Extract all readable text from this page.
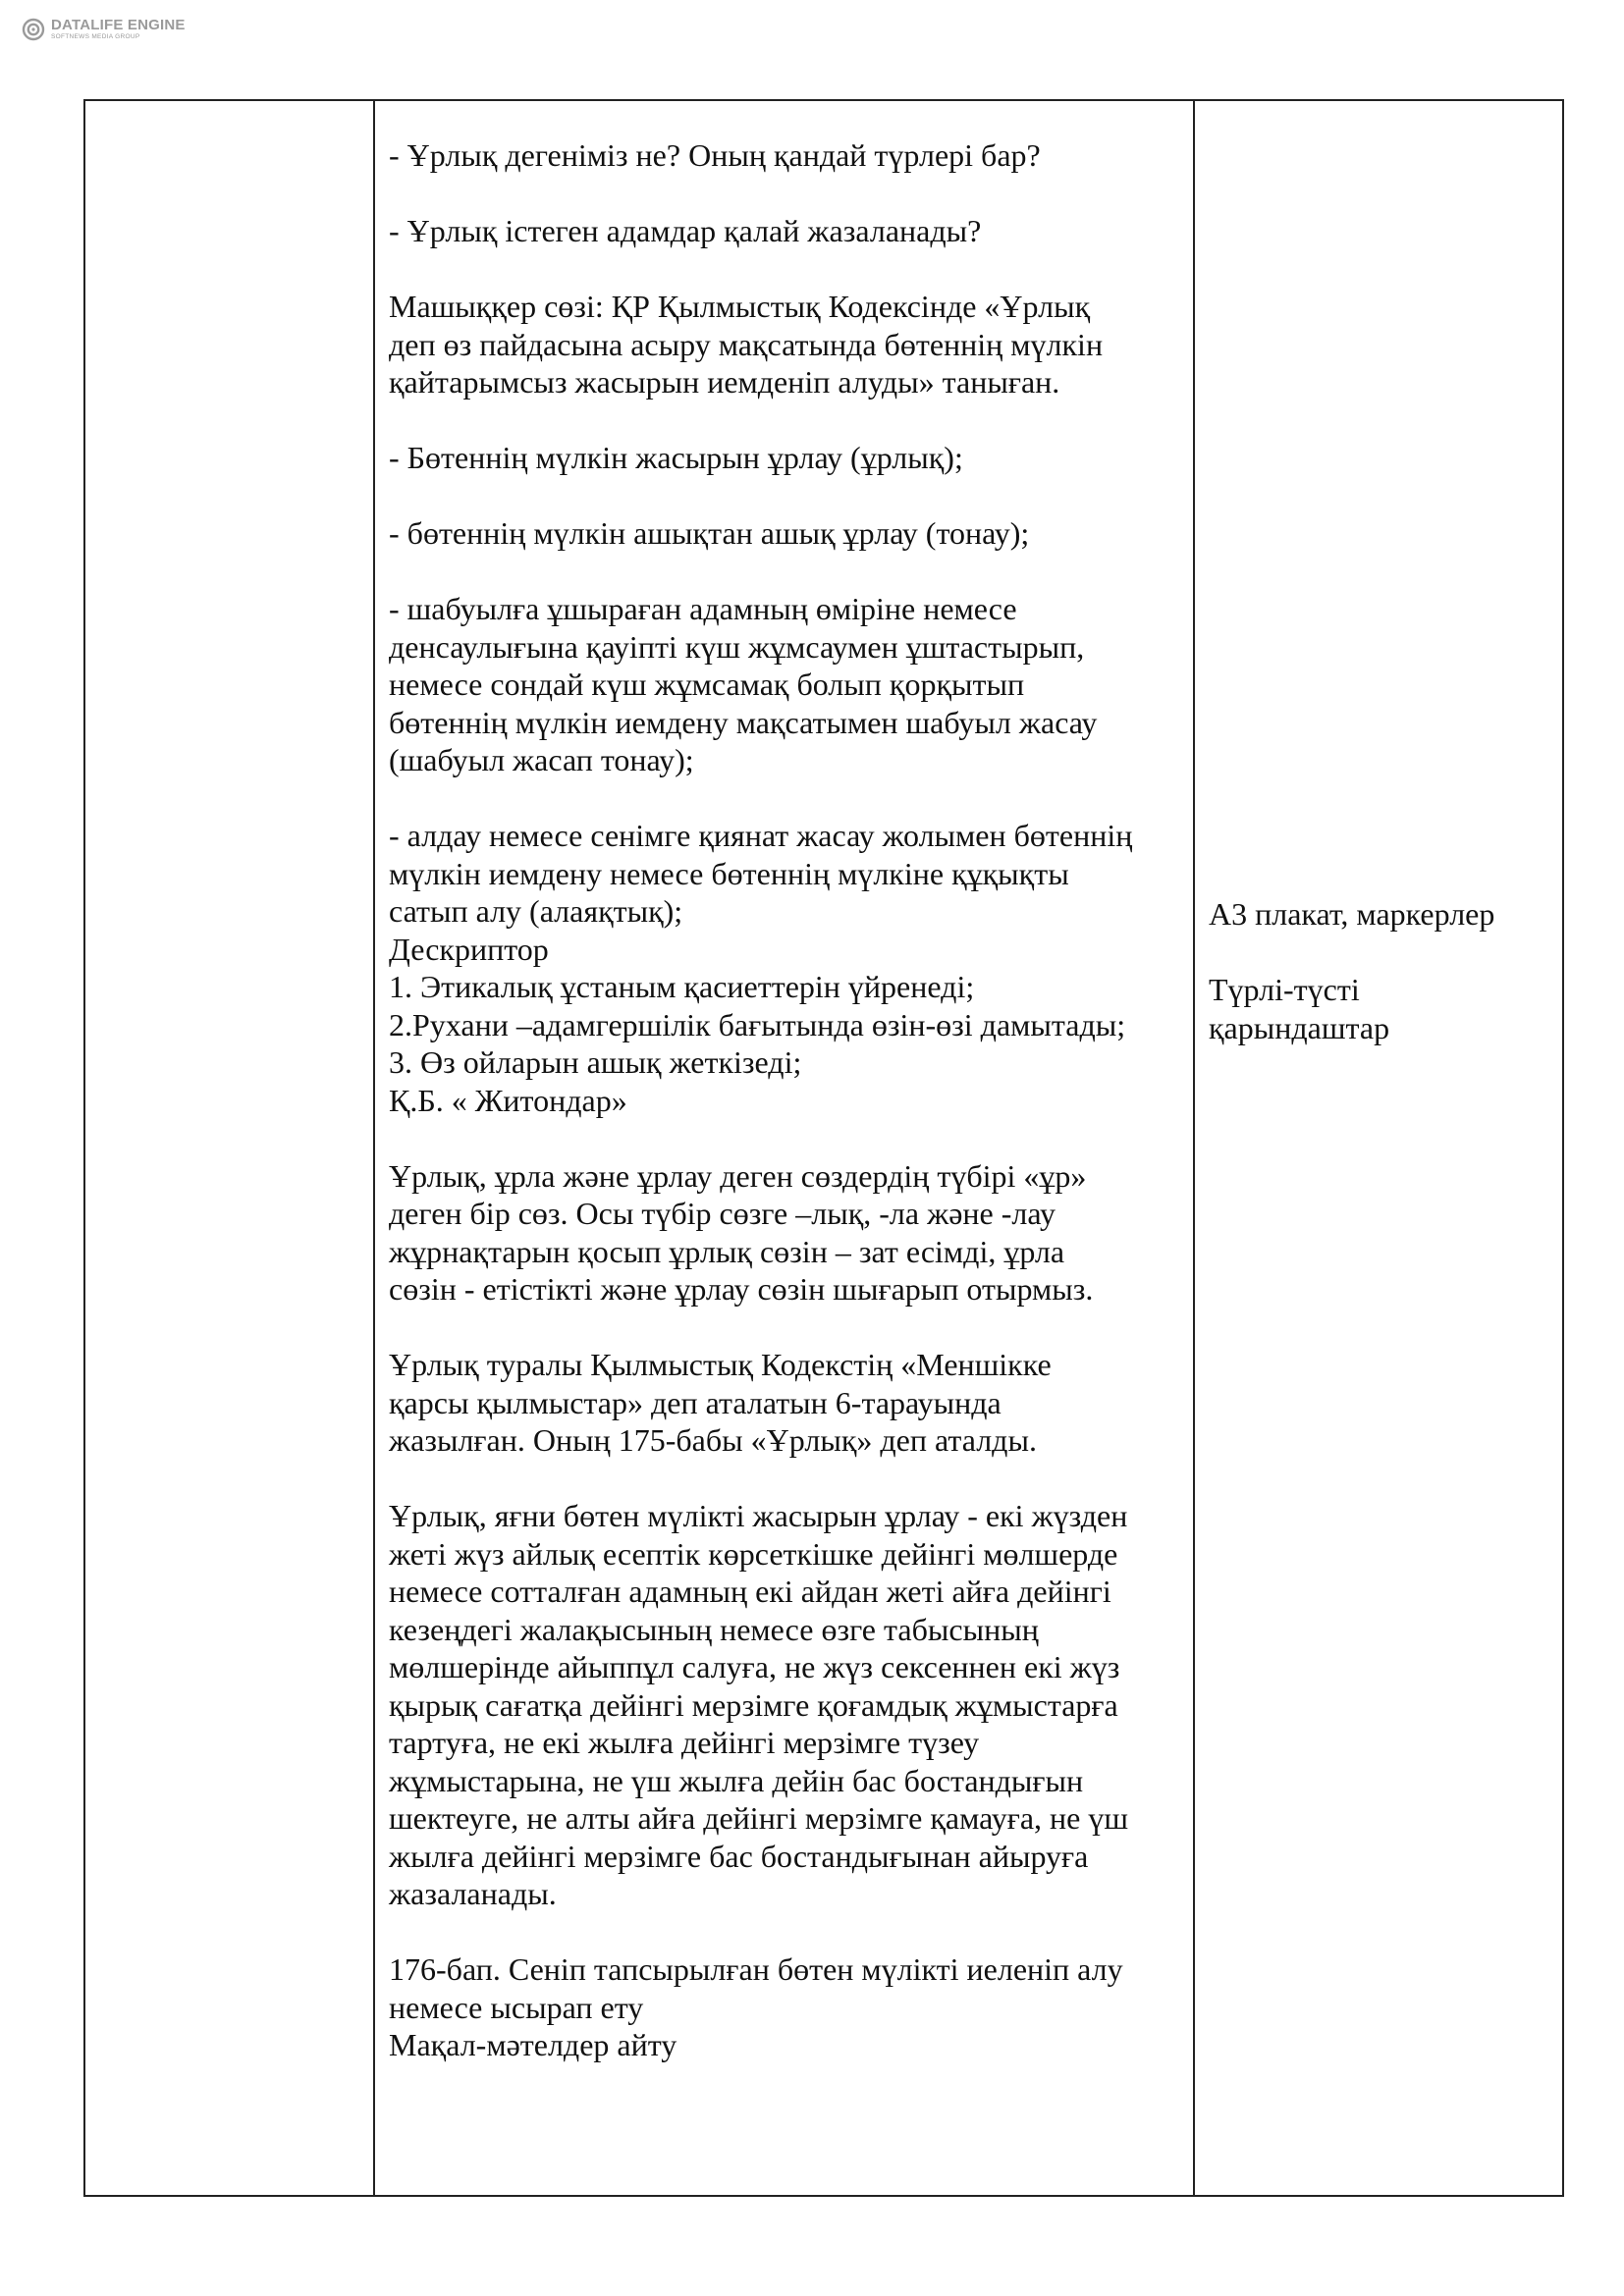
DATALIFE ENGINE
SOFTNEWS MEDIA GROUP
- Ұрлық дегеніміз не? Оның қандай түрлері бар?
- Ұрлық істеген адамдар қалай жазаланады?
Машыққер сөзі: ҚР Қылмыстық Кодексінде «Ұрлық
деп өз пайдасына асыру мақсатында бөтеннің мүлкін
қайтарымсыз жасырын иемденіп алуды» таныған.
- Бөтеннің мүлкін жасырын ұрлау (ұрлық);
- бөтеннің мүлкін ашықтан ашық ұрлау (тонау);
- шабуылға ұшыраған адамның өміріне немесе
денсаулығына қауіпті күш жұмсаумен ұштастырып,
немесе сондай күш жұмсамақ болып қорқытып
бөтеннің мүлкін иемдену мақсатымен шабуыл жасау
(шабуыл жасап тонау);
- алдау немесе сенімге қиянат жасау жолымен бөтеннің
мүлкін иемдену немесе бөтеннің мүлкіне құқықты
сатып алу (алаяқтық);
Дескриптор
1. Этикалық ұстаным қасиеттерін үйренеді;
2.Рухани –адамгершілік бағытында өзін-өзі дамытады;
3. Өз ойларын ашық жеткізеді;
Қ.Б. « Житондар»
Ұрлық, ұрла және ұрлау деген сөздердің түбірі «ұр»
деген бір сөз. Осы түбір сөзге –лық, -ла және -лау
жұрнақтарын қосып ұрлық сөзін – зат есімді, ұрла
сөзін - етістікті және ұрлау сөзін шығарып отырмыз.
Ұрлық туралы Қылмыстық Кодекстің «Меншікке
қарсы қылмыстар» деп аталатын 6-тарауында
жазылған. Оның 175-бабы «Ұрлық» деп аталды.
Ұрлық, яғни бөтен мүлікті жасырын ұрлау - екі жүзден
жеті жүз айлық есептік көрсеткішке дейінгі мөлшерде
немесе сотталған адамның екі айдан жеті айға дейінгі
кезеңдегі жалақысының немесе өзге табысының
мөлшерінде айыппұл салуға, не жүз сексеннен екі жүз
қырық сағатқа дейінгі мерзімге қоғамдық жұмыстарға
тартуға, не екі жылға дейінгі мерзімге түзеу
жұмыстарына, не үш жылға дейін бас бостандығын
шектеуге, не алты айға дейінгі мерзімге қамауға, не үш
жылға дейінгі мерзімге бас бостандығынан айыруға
жазаланады.
176-бап. Сеніп тапсырылған бөтен мүлікті иеленіп алу
немесе ысырап ету
Мақал-мәтелдер айту
А3 плакат, маркерлер
Түрлі-түсті
қарындаштар
